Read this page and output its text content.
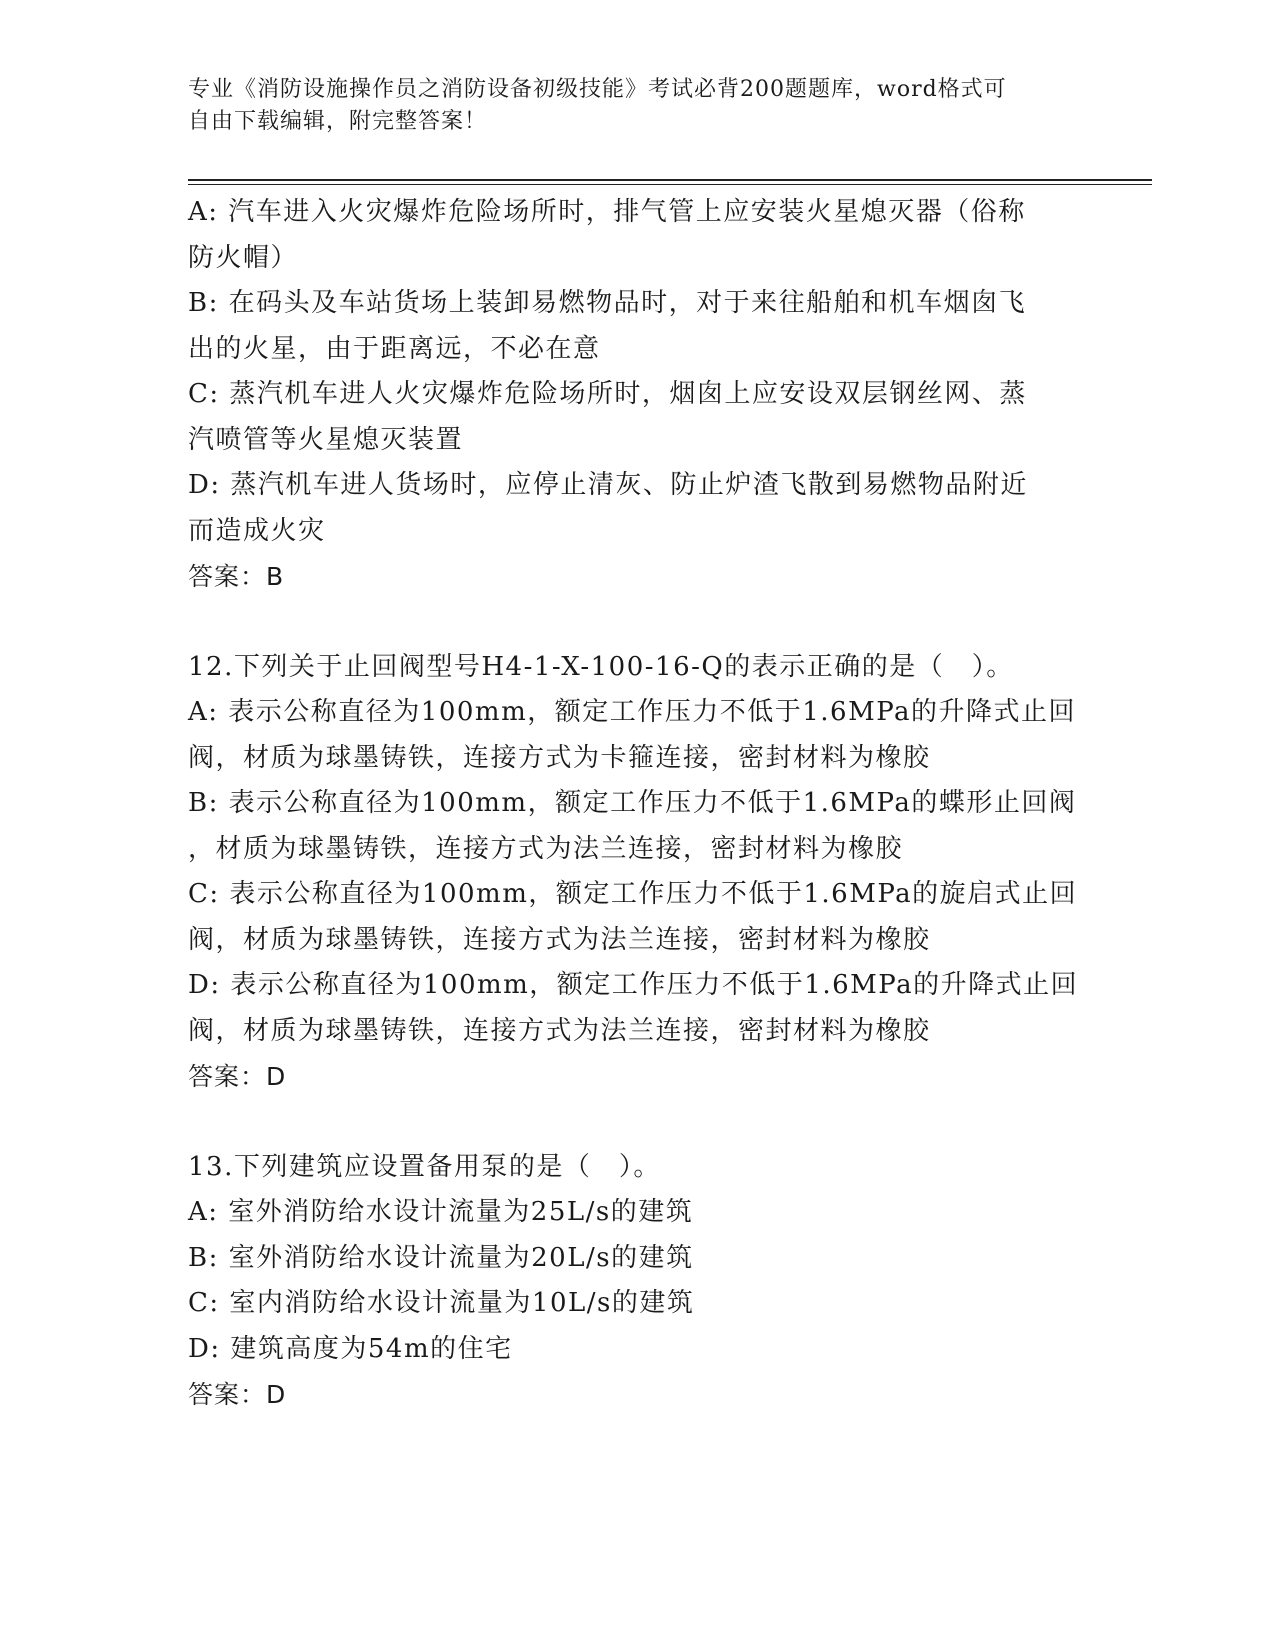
专业《消防设施操作员之消防设备初级技能》考试必背200题题库，word格式可
自由下载编辑，附完整答案！
A: 汽车进入火灾爆炸危险场所时，排气管上应安装火星熄灭器（俗称
防火帽）
B: 在码头及车站货场上装卸易燃物品时，对于来往船舶和机车烟囱飞
出的火星，由于距离远，不必在意
C: 蒸汽机车进人火灾爆炸危险场所时，烟囱上应安设双层钢丝网、蒸
汽喷管等火星熄灭装置
D: 蒸汽机车进人货场时，应停止清灰、防止炉渣飞散到易燃物品附近
而造成火灾
答案：B
12.下列关于止回阀型号H4-1-X-100-16-Q的表示正确的是（　）。
A: 表示公称直径为100mm，额定工作压力不低于1.6MPa的升降式止回
阀，材质为球墨铸铁，连接方式为卡箍连接，密封材料为橡胶
B: 表示公称直径为100mm，额定工作压力不低于1.6MPa的蝶形止回阀
，材质为球墨铸铁，连接方式为法兰连接，密封材料为橡胶
C: 表示公称直径为100mm，额定工作压力不低于1.6MPa的旋启式止回
阀，材质为球墨铸铁，连接方式为法兰连接，密封材料为橡胶
D: 表示公称直径为100mm，额定工作压力不低于1.6MPa的升降式止回
阀，材质为球墨铸铁，连接方式为法兰连接，密封材料为橡胶
答案：D
13.下列建筑应设置备用泵的是（　）。
A: 室外消防给水设计流量为25L/s的建筑
B: 室外消防给水设计流量为20L/s的建筑
C: 室内消防给水设计流量为10L/s的建筑
D: 建筑高度为54m的住宅
答案：D
